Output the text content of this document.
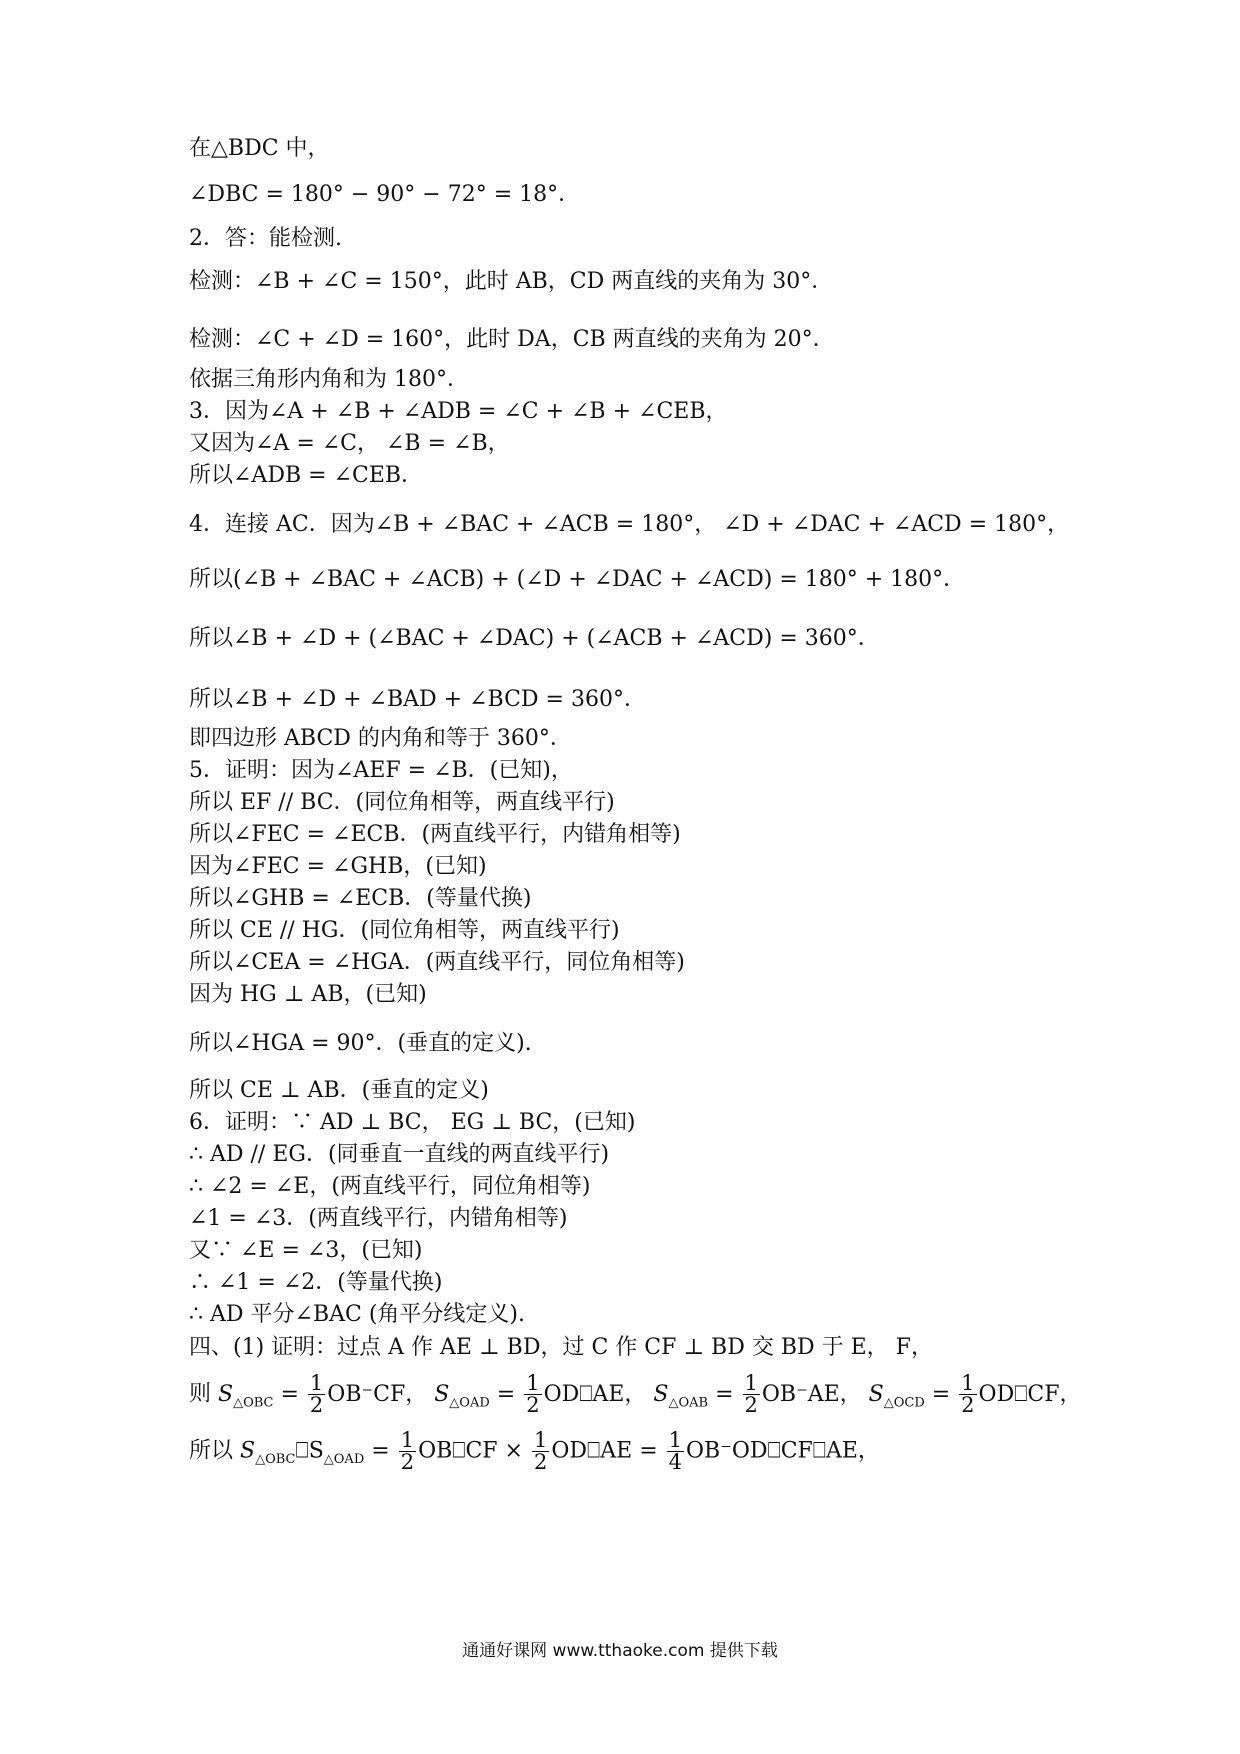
在△BDC 中，
∠DBC = 180° − 90° − 72° = 18°．
2．答：能检测.
检测：∠B + ∠C = 150°，此时 AB，CD 两直线的夹角为 30°．
检测：∠C + ∠D = 160°，此时 DA，CB 两直线的夹角为 20°．
依据三角形内角和为 180°．
3．因为∠A + ∠B + ∠ADB = ∠C + ∠B + ∠CEB，
又因为∠A = ∠C， ∠B = ∠B，
所以∠ADB = ∠CEB．
4．连接 AC．因为∠B + ∠BAC + ∠ACB = 180°， ∠D + ∠DAC + ∠ACD = 180°，
所以(∠B + ∠BAC + ∠ACB) + (∠D + ∠DAC + ∠ACD) = 180° + 180°．
所以∠B + ∠D + (∠BAC + ∠DAC) + (∠ACB + ∠ACD) = 360°．
所以∠B + ∠D + ∠BAD + ∠BCD = 360°．
即四边形 ABCD 的内角和等于 360°．
5．证明：因为∠AEF = ∠B．(已知)，
所以 EF // BC．(同位角相等，两直线平行)
所以∠FEC = ∠ECB．(两直线平行，内错角相等)
因为∠FEC = ∠GHB，(已知)
所以∠GHB = ∠ECB．(等量代换)
所以 CE // HG．(同位角相等，两直线平行)
所以∠CEA = ∠HGA．(两直线平行，同位角相等)
因为 HG ⊥ AB，(已知)
所以∠HGA = 90°．(垂直的定义).
所以 CE ⊥ AB．(垂直的定义)
6．证明：∵ AD ⊥ BC， EG ⊥ BC，(已知)
∴ AD // EG．(同垂直一直线的两直线平行)
∴ ∠2 = ∠E，(两直线平行，同位角相等)
∠1 = ∠3．(两直线平行，内错角相等)
又∵ ∠E = ∠3，(已知)
∴ ∠1 = ∠2．(等量代换)
∴ AD 平分∠BAC (角平分线定义).
四、(1) 证明：过点 A 作 AE ⊥ BD，过 C 作 CF ⊥ BD 交 BD 于 E， F，
则 $S_{\triangle OBC} = \frac{1}{2} OB^-CF$， $S_{\triangle OAD} = \frac{1}{2}$ OD⎕AE， $S_{\triangle OAB} = \frac{1}{2} OB^-AE$， $S_{\triangle OCD} = \frac{1}{2}$ OD⎕CF，
所以 $S_{\triangle OBC}⎕S_{\triangle OAD} = \frac{1}{2}$ OB⎕CF × $\frac{1}{2}$ OD⎕AE = $\frac{1}{4}$ OB⁻OD⎕CF⎕AE，
通通好课网 www.tthaoke.com 提供下载
